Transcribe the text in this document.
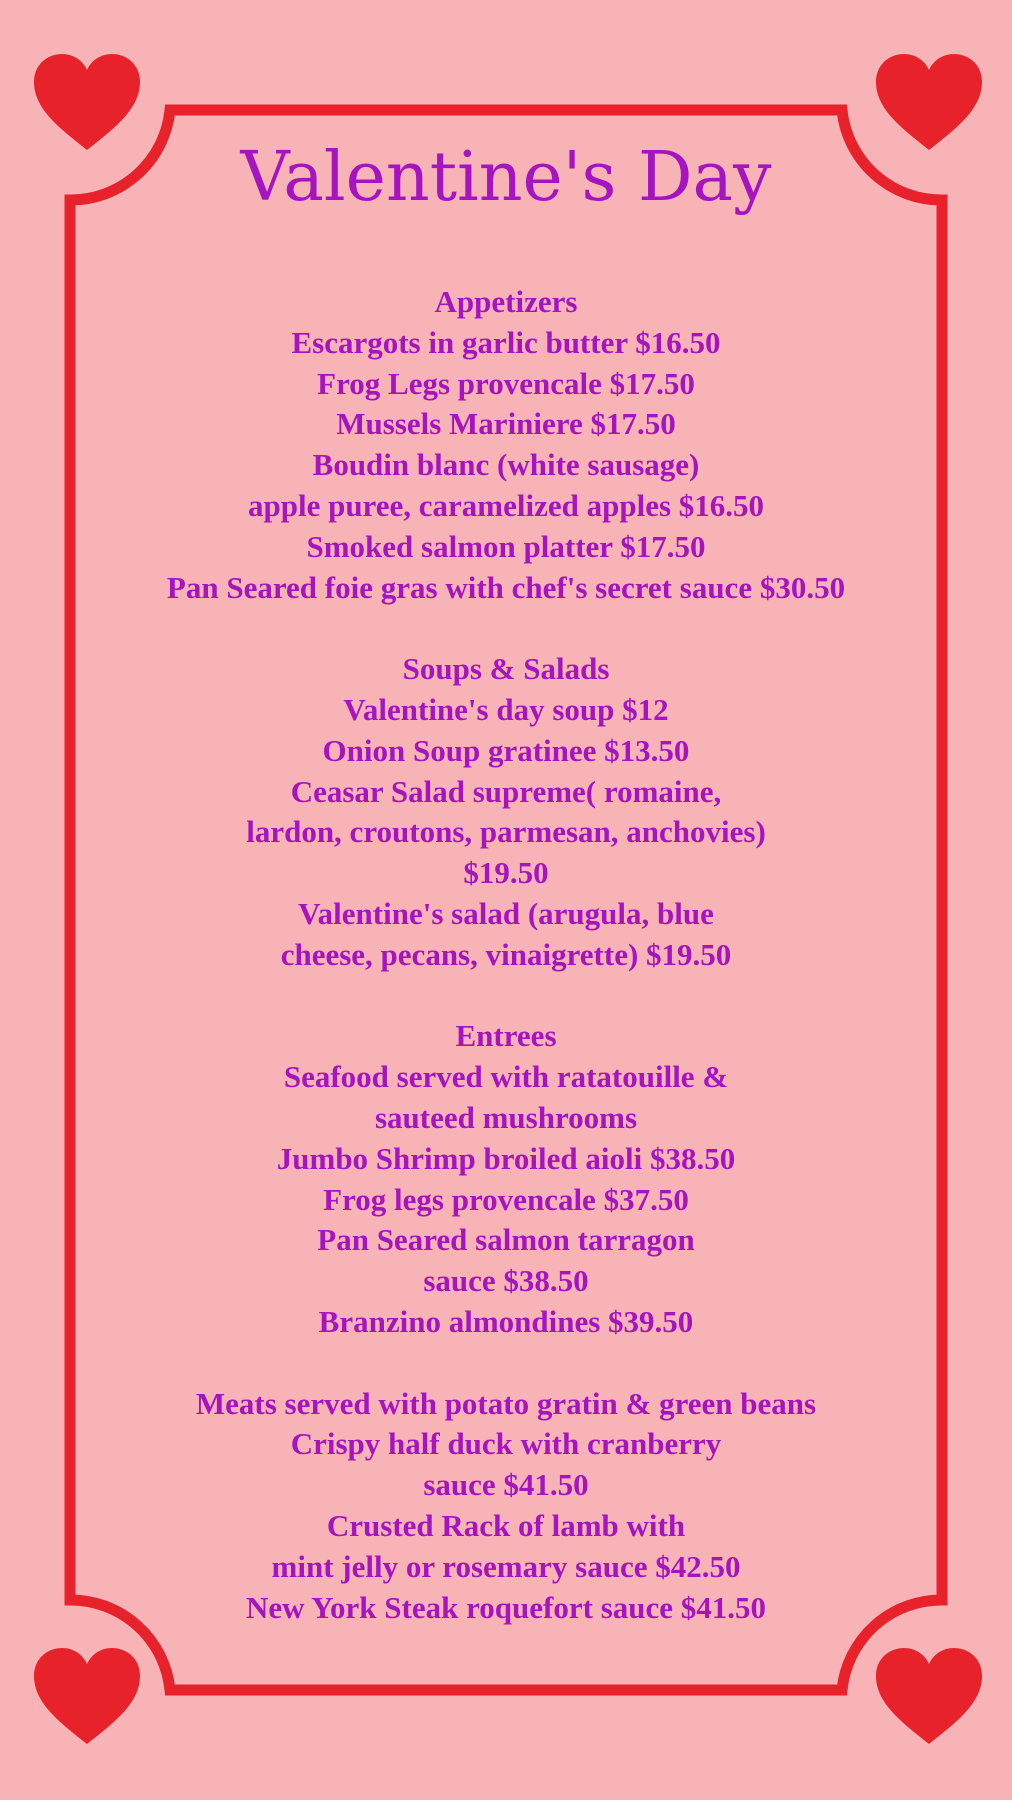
Valentine's Day
Appetizers
Escargots in garlic butter $16.50
Frog Legs provencale $17.50
Mussels Mariniere $17.50
Boudin blanc (white sausage)
apple puree, caramelized apples $16.50
Smoked salmon platter $17.50
Pan Seared foie gras with chef's secret sauce $30.50
Soups & Salads
Valentine's day soup $12
Onion Soup gratinee $13.50
Ceasar Salad supreme( romaine,
lardon, croutons, parmesan, anchovies)
$19.50
Valentine's salad (arugula, blue
cheese, pecans, vinaigrette) $19.50
Entrees
Seafood served with ratatouille &
sauteed mushrooms
Jumbo Shrimp broiled aioli $38.50
Frog legs provencale $37.50
Pan Seared salmon tarragon
sauce $38.50
Branzino almondines $39.50
Meats served with potato gratin & green beans
Crispy half duck with cranberry
sauce $41.50
Crusted Rack of lamb with
mint jelly or rosemary sauce $42.50
New York Steak roquefort sauce $41.50
